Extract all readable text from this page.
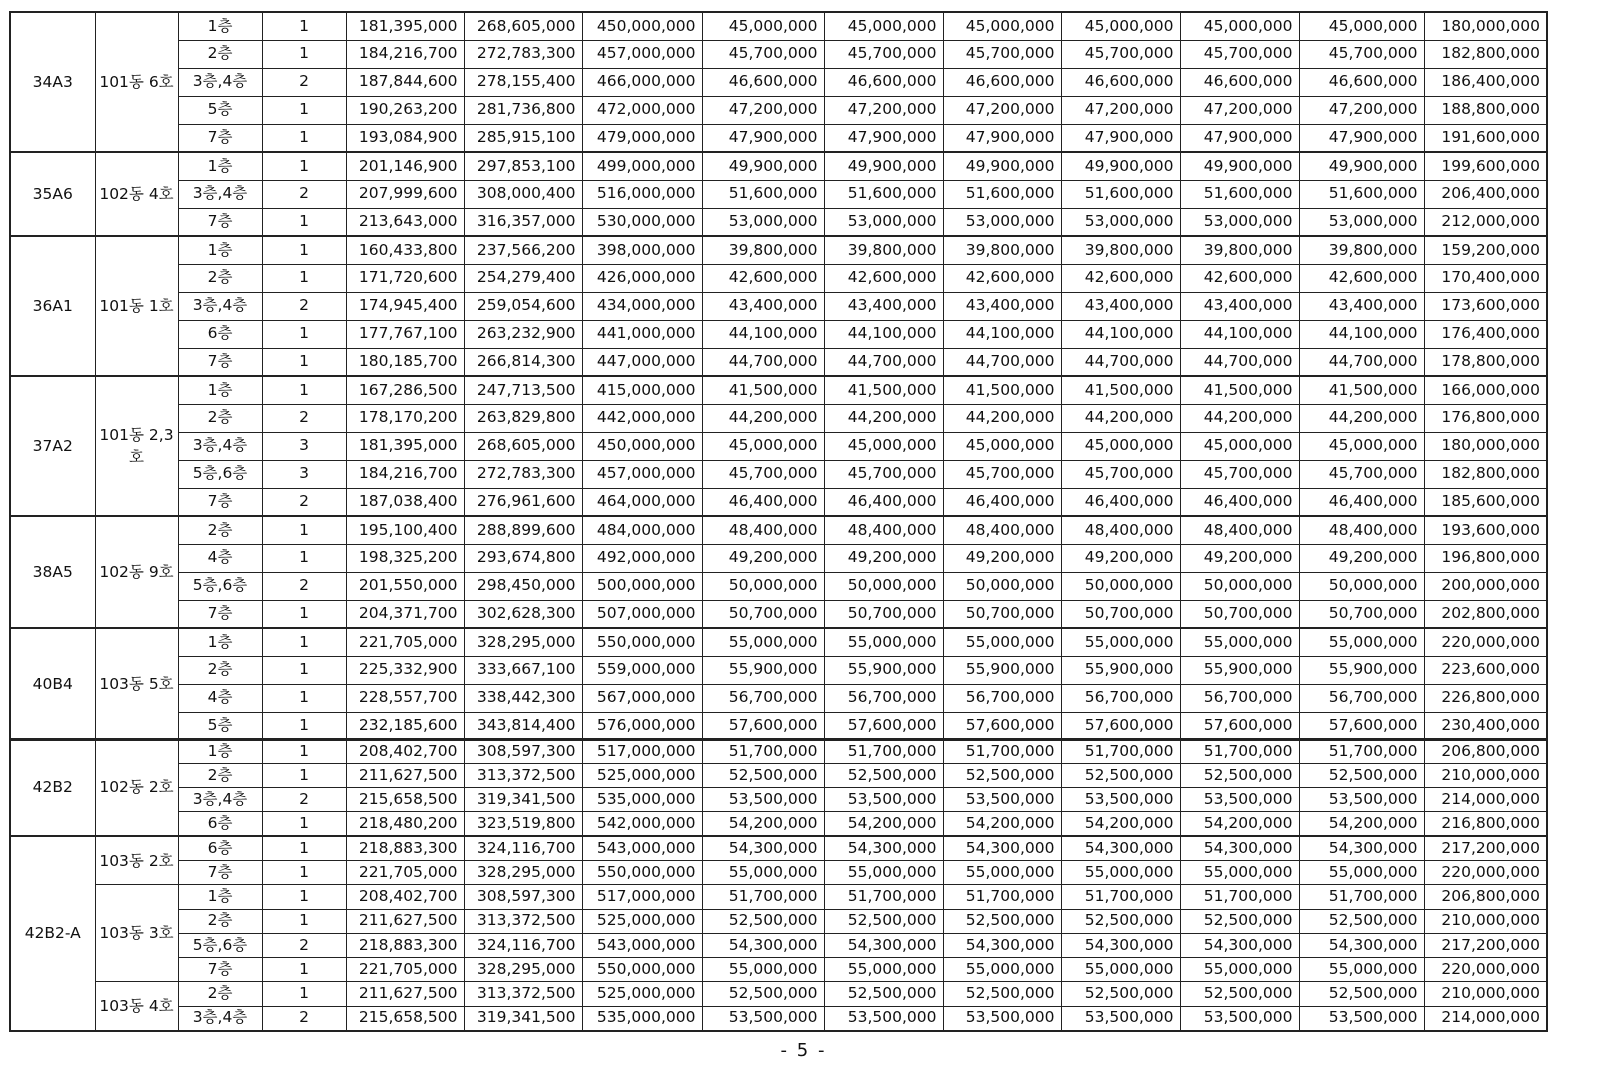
34A3	101동 6호	1층	1	181,395,000	268,605,000	450,000,000	45,000,000	45,000,000	45,000,000	45,000,000	45,000,000	45,000,000	180,000,000
		2층	1	184,216,700	272,783,300	457,000,000	45,700,000	45,700,000	45,700,000	45,700,000	45,700,000	45,700,000	182,800,000
		3층,4층	2	187,844,600	278,155,400	466,000,000	46,600,000	46,600,000	46,600,000	46,600,000	46,600,000	46,600,000	186,400,000
		5층	1	190,263,200	281,736,800	472,000,000	47,200,000	47,200,000	47,200,000	47,200,000	47,200,000	47,200,000	188,800,000
		7층	1	193,084,900	285,915,100	479,000,000	47,900,000	47,900,000	47,900,000	47,900,000	47,900,000	47,900,000	191,600,000
35A6	102동 4호	1층	1	201,146,900	297,853,100	499,000,000	49,900,000	49,900,000	49,900,000	49,900,000	49,900,000	49,900,000	199,600,000
		3층,4층	2	207,999,600	308,000,400	516,000,000	51,600,000	51,600,000	51,600,000	51,600,000	51,600,000	51,600,000	206,400,000
		7층	1	213,643,000	316,357,000	530,000,000	53,000,000	53,000,000	53,000,000	53,000,000	53,000,000	53,000,000	212,000,000
36A1	101동 1호	1층	1	160,433,800	237,566,200	398,000,000	39,800,000	39,800,000	39,800,000	39,800,000	39,800,000	39,800,000	159,200,000
		2층	1	171,720,600	254,279,400	426,000,000	42,600,000	42,600,000	42,600,000	42,600,000	42,600,000	42,600,000	170,400,000
		3층,4층	2	174,945,400	259,054,600	434,000,000	43,400,000	43,400,000	43,400,000	43,400,000	43,400,000	43,400,000	173,600,000
		6층	1	177,767,100	263,232,900	441,000,000	44,100,000	44,100,000	44,100,000	44,100,000	44,100,000	44,100,000	176,400,000
		7층	1	180,185,700	266,814,300	447,000,000	44,700,000	44,700,000	44,700,000	44,700,000	44,700,000	44,700,000	178,800,000
37A2	101동 2,3호	1층	1	167,286,500	247,713,500	415,000,000	41,500,000	41,500,000	41,500,000	41,500,000	41,500,000	41,500,000	166,000,000
		2층	2	178,170,200	263,829,800	442,000,000	44,200,000	44,200,000	44,200,000	44,200,000	44,200,000	44,200,000	176,800,000
		3층,4층	3	181,395,000	268,605,000	450,000,000	45,000,000	45,000,000	45,000,000	45,000,000	45,000,000	45,000,000	180,000,000
		5층,6층	3	184,216,700	272,783,300	457,000,000	45,700,000	45,700,000	45,700,000	45,700,000	45,700,000	45,700,000	182,800,000
		7층	2	187,038,400	276,961,600	464,000,000	46,400,000	46,400,000	46,400,000	46,400,000	46,400,000	46,400,000	185,600,000
38A5	102동 9호	2층	1	195,100,400	288,899,600	484,000,000	48,400,000	48,400,000	48,400,000	48,400,000	48,400,000	48,400,000	193,600,000
		4층	1	198,325,200	293,674,800	492,000,000	49,200,000	49,200,000	49,200,000	49,200,000	49,200,000	49,200,000	196,800,000
		5층,6층	2	201,550,000	298,450,000	500,000,000	50,000,000	50,000,000	50,000,000	50,000,000	50,000,000	50,000,000	200,000,000
		7층	1	204,371,700	302,628,300	507,000,000	50,700,000	50,700,000	50,700,000	50,700,000	50,700,000	50,700,000	202,800,000
40B4	103동 5호	1층	1	221,705,000	328,295,000	550,000,000	55,000,000	55,000,000	55,000,000	55,000,000	55,000,000	55,000,000	220,000,000
		2층	1	225,332,900	333,667,100	559,000,000	55,900,000	55,900,000	55,900,000	55,900,000	55,900,000	55,900,000	223,600,000
		4층	1	228,557,700	338,442,300	567,000,000	56,700,000	56,700,000	56,700,000	56,700,000	56,700,000	56,700,000	226,800,000
		5층	1	232,185,600	343,814,400	576,000,000	57,600,000	57,600,000	57,600,000	57,600,000	57,600,000	57,600,000	230,400,000
42B2	102동 2호	1층	1	208,402,700	308,597,300	517,000,000	51,700,000	51,700,000	51,700,000	51,700,000	51,700,000	51,700,000	206,800,000
		2층	1	211,627,500	313,372,500	525,000,000	52,500,000	52,500,000	52,500,000	52,500,000	52,500,000	52,500,000	210,000,000
		3층,4층	2	215,658,500	319,341,500	535,000,000	53,500,000	53,500,000	53,500,000	53,500,000	53,500,000	53,500,000	214,000,000
		6층	1	218,480,200	323,519,800	542,000,000	54,200,000	54,200,000	54,200,000	54,200,000	54,200,000	54,200,000	216,800,000
42B2-A	103동 2호	6층	1	218,883,300	324,116,700	543,000,000	54,300,000	54,300,000	54,300,000	54,300,000	54,300,000	54,300,000	217,200,000
		7층	1	221,705,000	328,295,000	550,000,000	55,000,000	55,000,000	55,000,000	55,000,000	55,000,000	55,000,000	220,000,000
	103동 3호	1층	1	208,402,700	308,597,300	517,000,000	51,700,000	51,700,000	51,700,000	51,700,000	51,700,000	51,700,000	206,800,000
		2층	1	211,627,500	313,372,500	525,000,000	52,500,000	52,500,000	52,500,000	52,500,000	52,500,000	52,500,000	210,000,000
		5층,6층	2	218,883,300	324,116,700	543,000,000	54,300,000	54,300,000	54,300,000	54,300,000	54,300,000	54,300,000	217,200,000
		7층	1	221,705,000	328,295,000	550,000,000	55,000,000	55,000,000	55,000,000	55,000,000	55,000,000	55,000,000	220,000,000
	103동 4호	2층	1	211,627,500	313,372,500	525,000,000	52,500,000	52,500,000	52,500,000	52,500,000	52,500,000	52,500,000	210,000,000
		3층,4층	2	215,658,500	319,341,500	535,000,000	53,500,000	53,500,000	53,500,000	53,500,000	53,500,000	53,500,000	214,000,000
- 5 -
